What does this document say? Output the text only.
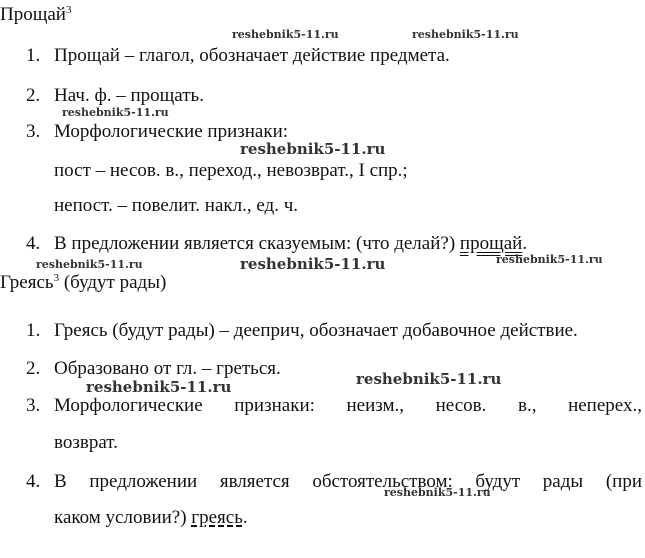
Прощай$^3$
1. Прощай – глагол, обозначает действие предмета.
2. Нач. ф. – прощать.
3. Морфологические признаки:
пост – несов. в., переход., невозврат., I спр.;
непост. – повелит. накл., ед. ч.
4. В предложении является сказуемым: (что делай?) прощай.
Греясь$^3$ (будут рады)
1. Греясь (будут рады) – дееприч, обозначает добавочное действие.
2. Образовано от гл. – греться.
3. Морфологические признаки: неизм., несов. в., неперех.,
возврат.
4. В предложении является обстоятельством: будут рады (при
каком условии?) греясь.
reshebnik5-11.ru	reshebnik5-11.ru
reshebnik5-11.ru
reshebnik5-11.ru
reshebnik5-11.ru	reshebnik5-11.ru	reshebnik5-11.ru
reshebnik5-11.ru	reshebnik5-11.ru
reshebnik5-11.ru
